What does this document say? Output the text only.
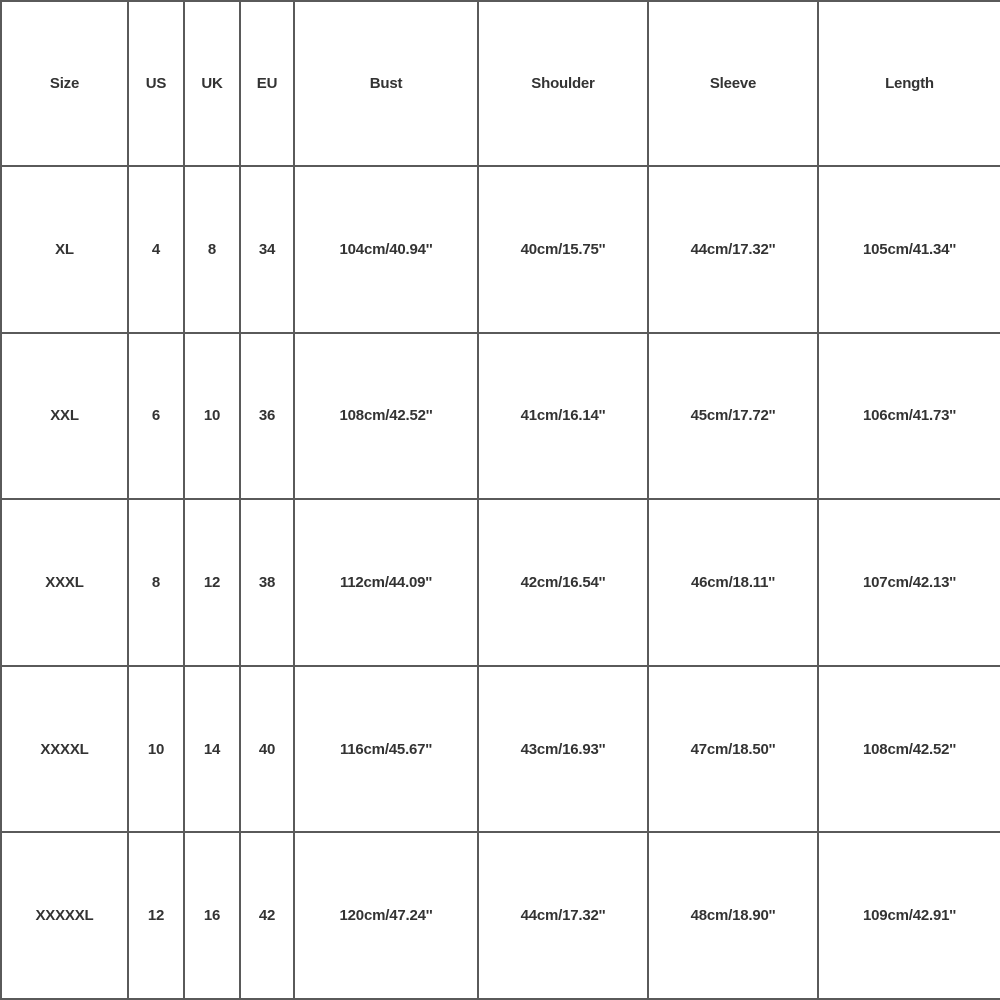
Size	US	UK	EU	Bust	Shoulder	Sleeve	Length
XL	4	8	34	104cm/40.94''	40cm/15.75''	44cm/17.32''	105cm/41.34''
XXL	6	10	36	108cm/42.52''	41cm/16.14''	45cm/17.72''	106cm/41.73''
XXXL	8	12	38	112cm/44.09''	42cm/16.54''	46cm/18.11''	107cm/42.13''
XXXXL	10	14	40	116cm/45.67''	43cm/16.93''	47cm/18.50''	108cm/42.52''
XXXXXL	12	16	42	120cm/47.24''	44cm/17.32''	48cm/18.90''	109cm/42.91''
